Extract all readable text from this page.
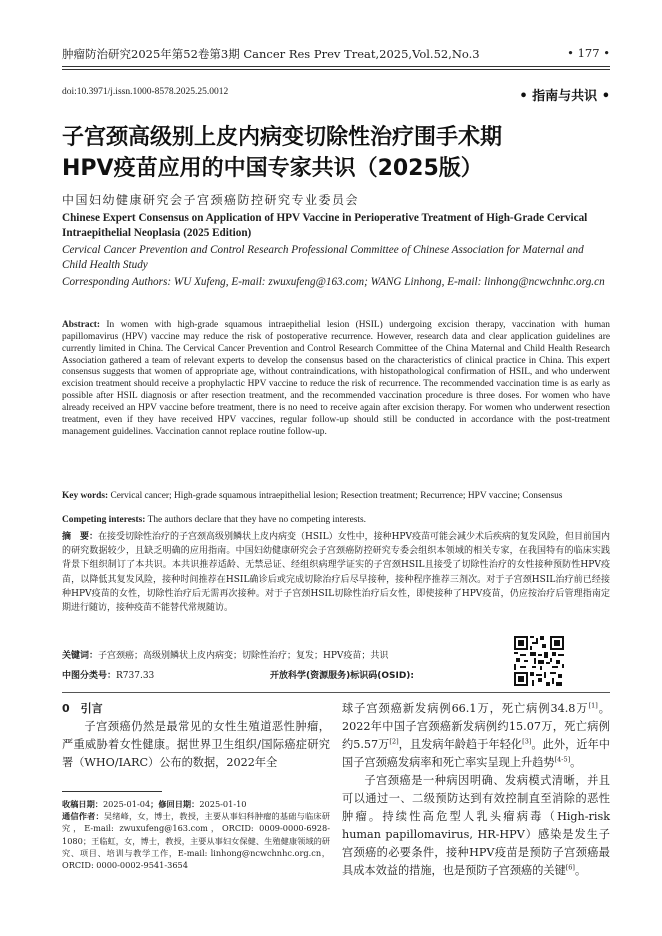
肿瘤防治研究2025年第52卷第3期 Cancer Res Prev Treat,2025,Vol.52,No.3	• 177 •
doi:10.3971/j.issn.1000-8578.2025.25.0012	• 指南与共识 •
子宫颈高级别上皮内病变切除性治疗围手术期
HPV疫苗应用的中国专家共识（2025版）
中国妇幼健康研究会子宫颈癌防控研究专业委员会
Chinese Expert Consensus on Application of HPV Vaccine in Perioperative Treatment of High-Grade Cervical Intraepithelial Neoplasia (2025 Edition)
Cervical Cancer Prevention and Control Research Professional Committee of Chinese Association for Maternal and Child Health Study
Corresponding Authors: WU Xufeng, E-mail: zwuxufeng@163.com; WANG Linhong, E-mail: linhong@ncwchnhc.org.cn
Abstract: In women with high-grade squamous intraepithelial lesion (HSIL) undergoing excision therapy, vaccination with human papillomavirus (HPV) vaccine may reduce the risk of postoperative recurrence. However, research data and clear application guidelines are currently limited in China. The Cervical Cancer Prevention and Control Research Committee of the China Maternal and Child Health Research Association gathered a team of relevant experts to develop the consensus based on the characteristics of clinical practice in China. This expert consensus suggests that women of appropriate age, without contraindications, with histopathological confirmation of HSIL, and who underwent excision treatment should receive a prophylactic HPV vaccine to reduce the risk of recurrence. The recommended vaccination time is as early as possible after HSIL diagnosis or after resection treatment, and the recommended vaccination procedure is three doses. For women who have already received an HPV vaccine before treatment, there is no need to receive again after excision therapy. For women who underwent resection treatment, even if they have received HPV vaccines, regular follow-up should still be conducted in accordance with the post-treatment management guidelines. Vaccination cannot replace routine follow-up.
Key words: Cervical cancer; High-grade squamous intraepithelial lesion; Resection treatment; Recurrence; HPV vaccine; Consensus
Competing interests: The authors declare that they have no competing interests.
摘　要：在接受切除性治疗的子宫颈高级别鳞状上皮内病变（HSIL）女性中，接种HPV疫苗可能会减少术后疾病的复发风险，但目前国内的研究数据较少，且缺乏明确的应用指南。中国妇幼健康研究会子宫颈癌防控研究专委会组织本领域的相关专家，在我国特有的临床实践背景下组织制订了本共识。本共识推荐适龄、无禁忌证、经组织病理学证实的子宫颈HSIL且接受了切除性治疗的女性接种预防性HPV疫苗，以降低其复发风险，接种时间推荐在HSIL确诊后或完成切除治疗后尽早接种，接种程序推荐三剂次。对于子宫颈HSIL治疗前已经接种HPV疫苗的女性，切除性治疗后无需再次接种。对于子宫颈HSIL切除性治疗后女性，即使接种了HPV疫苗，仍应按治疗后管理指南定期进行随访，接种疫苗不能替代常规随访。
关键词：子宫颈癌；高级别鳞状上皮内病变；切除性治疗；复发；HPV疫苗；共识
中图分类号：R737.33	开放科学(资源服务)标识码(OSID):

0　引言

子宫颈癌仍然是最常见的女性生殖道恶性肿瘤，严重威胁着女性健康。据世界卫生组织/国际癌症研究署（WHO/IARC）公布的数据，2022年全

球子宫颈癌新发病例66.1万，死亡病例34.8万[1]。2022年中国子宫颈癌新发病例约15.07万，死亡病例约5.57万[2]，且发病年龄趋于年轻化[3]。此外，近年中国子宫颈癌发病率和死亡率实呈现上升趋势[4-5]。

子宫颈癌是一种病因明确、发病模式清晰，并且可以通过一、二级预防达到有效控制直至消除的恶性肿瘤。持续性高危型人乳头瘤病毒（High-risk human papillomavirus, HR-HPV）感染是发生子宫颈癌的必要条件，接种HPV疫苗是预防子宫颈癌最具成本效益的措施，也是预防子宫颈癌的关键[6]。

收稿日期：2025-01-04；修回日期：2025-01-10
通信作者：吴绪峰，女，博士，教授，主要从事妇科肿瘤的基础与临床研究，E-mail: zwuxufeng@163.com，ORCID: 0009-0000-6928-1080；王临虹，女，博士，教授，主要从事妇女保健、生殖健康领域的研究、项目、培训与教学工作，E-mail: linhong@ncwchnhc.org.cn，ORCID: 0000-0002-9541-3654
